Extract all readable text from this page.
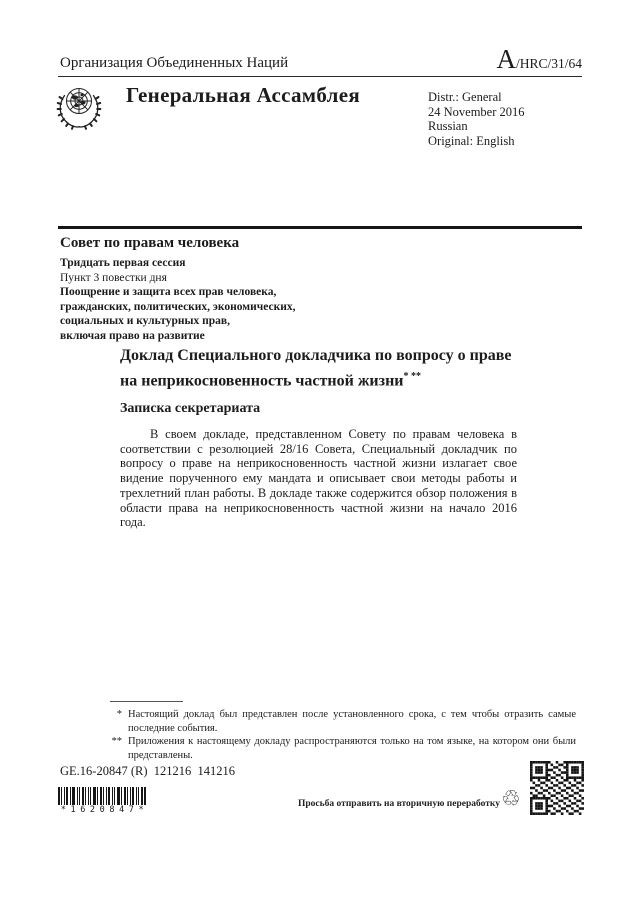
Организация Объединенных Наций	A /HRC/31/64
Генеральная Ассамблея	Distr.: General
24 November 2016
Russian
Original: English
Совет по правам человека
Тридцать первая сессия
Пункт 3 повестки дня
Поощрение и защита всех прав человека,
гражданских, политических, экономических,
социальных и культурных прав,
включая право на развитие
Доклад Специального докладчика по вопросу о праве
на неприкосновенность частной жизни* **
Записка секретариата
В своем докладе, представленном Совету по правам человека в соответствии с резолюцией 28/16 Совета, Специальный докладчик по вопросу о праве на неприкосновенность частной жизни излагает свое видение порученного ему мандата и описывает свои методы работы и трехлетний план работы. В докладе также содержится обзор положения в области права на неприкосновенность частной жизни на начало 2016 года.
* Настоящий доклад был представлен после установленного срока, с тем чтобы отразить самые последние события.
** Приложения к настоящему докладу распространяются только на том языке, на котором они были представлены.
GE.16-20847 (R)  121216  141216
*1620847*
Просьба отправить на вторичную переработку ♲
